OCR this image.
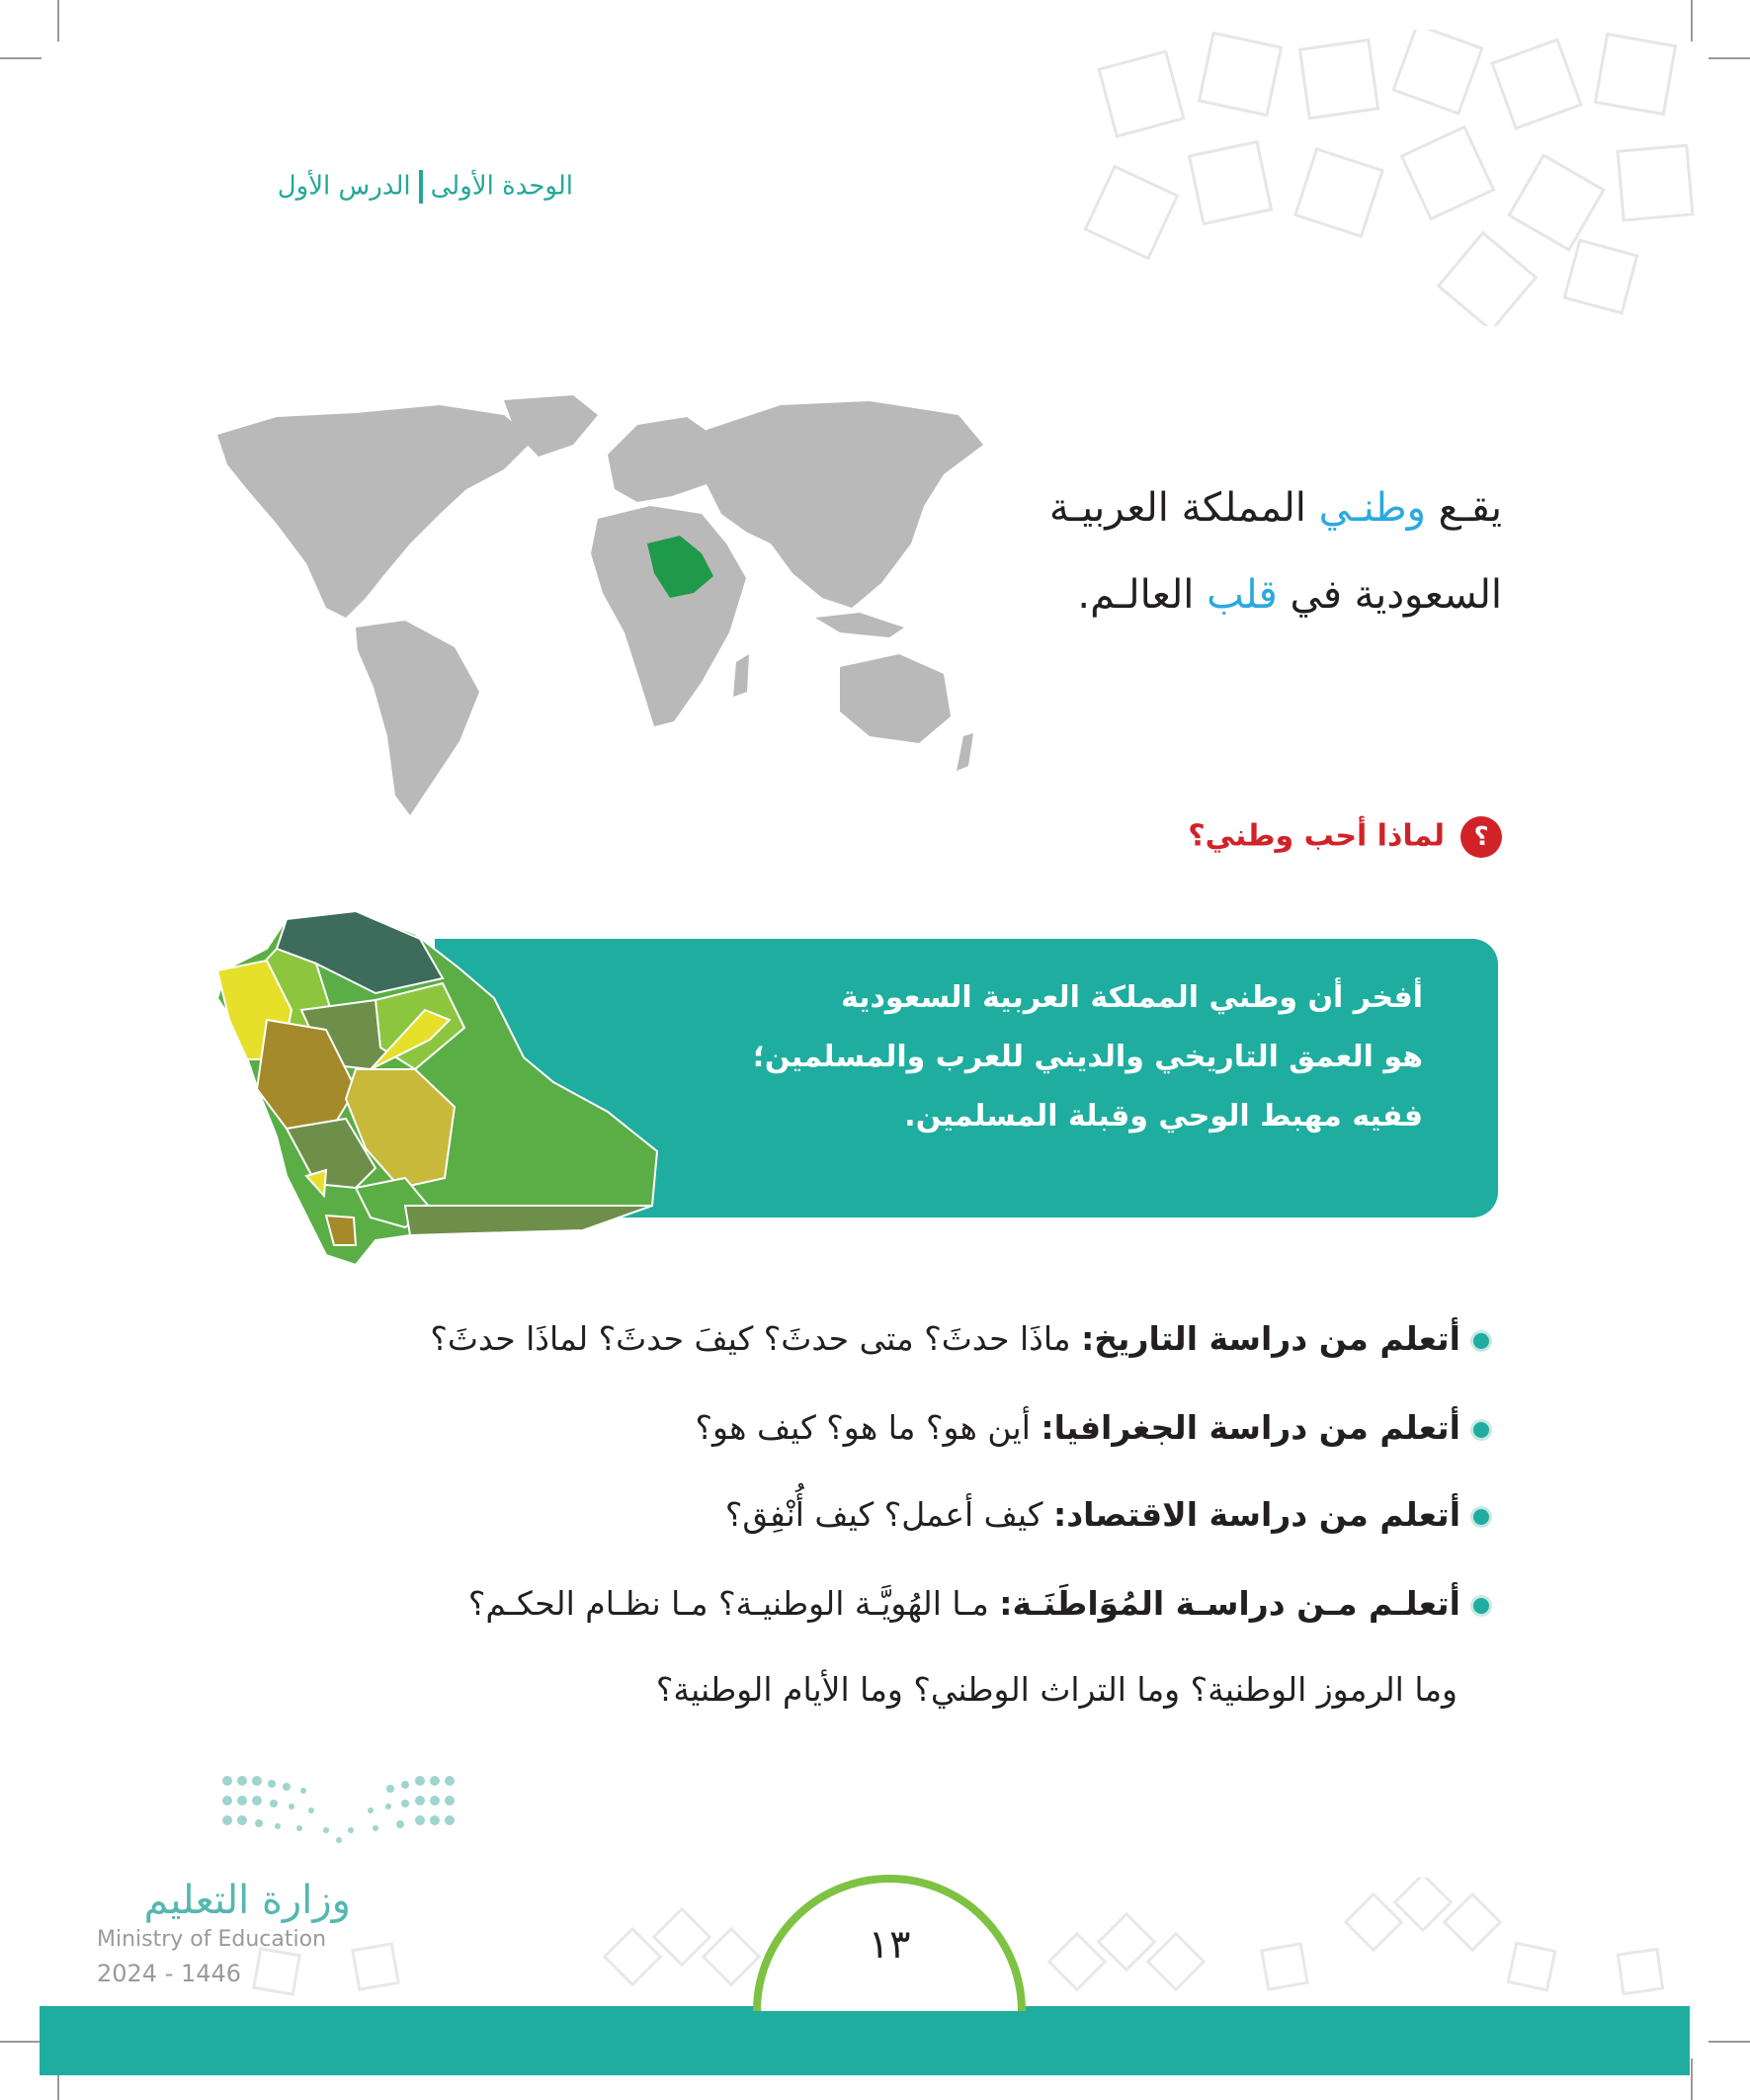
الوحدة الأولىالدرس الأول
يقـع وطنـي المملكة العربيـة السعودية في قلب العالـم.
؟لماذا أحب وطني؟
أفخر أن وطني المملكة العربية السعودية
هو العمق التاريخي والديني للعرب والمسلمين؛
ففيه مهبط الوحي وقبلة المسلمين.
أتعلم من دراسة التاريخ: ماذَا حدثَ؟ متى حدثَ؟ كيفَ حدثَ؟ لماذَا حدثَ؟
أتعلم من دراسة الجغرافيا: أين هو؟ ما هو؟ كيف هو؟
أتعلم من دراسة الاقتصاد: كيف أعمل؟ كيف أُنْفِق؟
أتعلـم مـن دراسـة المُوَاطَنَـة: مـا الهُويَّـة الوطنيـة؟ مـا نظـام الحكـم؟
وما الرموز الوطنية؟ وما التراث الوطني؟ وما الأيام الوطنية؟
وزارة التعليم
Ministry of Education
2024 - 1446
١٣
